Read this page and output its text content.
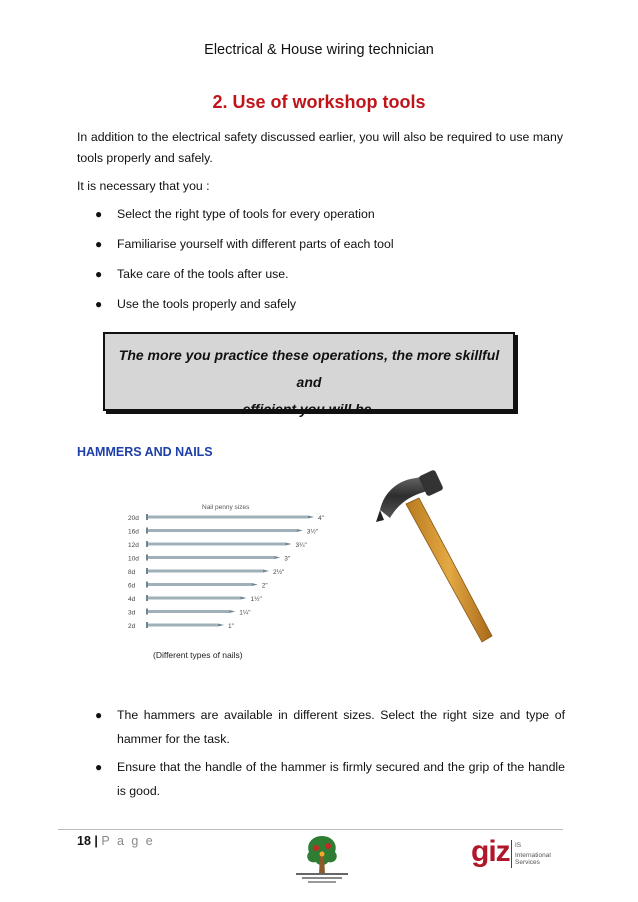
Electrical & House wiring technician
2. Use of workshop tools
In addition to the electrical safety discussed earlier, you will also be required to use many tools properly and safely.
It is necessary that you :
● Select the right type of tools for every operation
● Familiarise yourself with different parts of each tool
● Take care of the tools after use.
● Use the tools properly and safely
The more you practice these operations, the more skillful and
efficient you will be.
HAMMERS AND NAILS
Nail penny sizes
20d	4"
16d	3½"
12d	3¼"
10d	3"
8d	2½"
6d	2"
4d	1½"
3d	1¼"
2d	1"
(Different types of nails)
● The hammers are available in different sizes. Select the right size and type of hammer for the task.
● Ensure that the handle of the hammer is firmly secured and the grip of the handle is good.
18 | P a g e	giz IS
International Services
